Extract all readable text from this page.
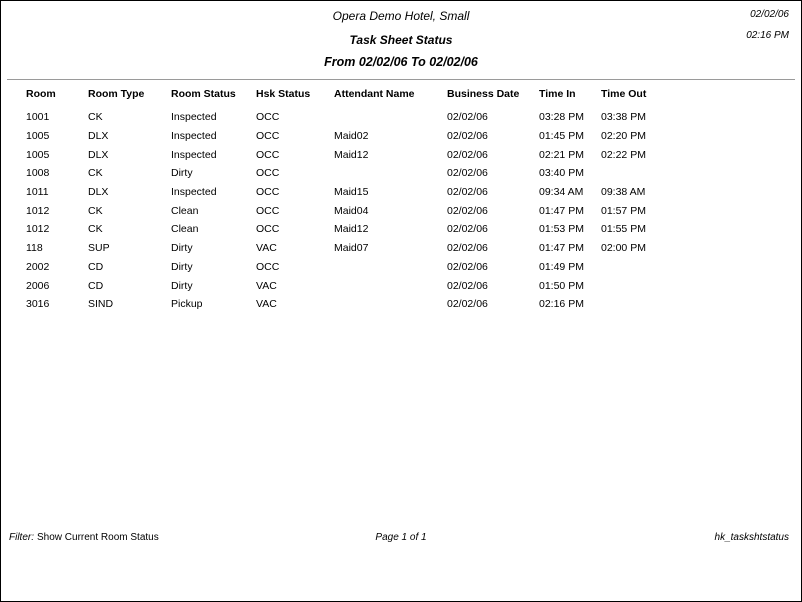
Opera Demo Hotel, Small	02/02/06
Task Sheet Status	02:16 PM
From 02/02/06 To 02/02/06
Room	Room Type	Room Status	Hsk Status	Attendant Name	Business Date	Time In	Time Out
1001	CK	Inspected	OCC		02/02/06	03:28 PM	03:38 PM
1005	DLX	Inspected	OCC	Maid02	02/02/06	01:45 PM	02:20 PM
1005	DLX	Inspected	OCC	Maid12	02/02/06	02:21 PM	02:22 PM
1008	CK	Dirty	OCC		02/02/06	03:40 PM	
1011	DLX	Inspected	OCC	Maid15	02/02/06	09:34 AM	09:38 AM
1012	CK	Clean	OCC	Maid04	02/02/06	01:47 PM	01:57 PM
1012	CK	Clean	OCC	Maid12	02/02/06	01:53 PM	01:55 PM
118	SUP	Dirty	VAC	Maid07	02/02/06	01:47 PM	02:00 PM
2002	CD	Dirty	OCC		02/02/06	01:49 PM	
2006	CD	Dirty	VAC		02/02/06	01:50 PM	
3016	SIND	Pickup	VAC		02/02/06	02:16 PM	
Filter: Show Current Room Status	Page 1 of 1	hk_taskshtstatus
